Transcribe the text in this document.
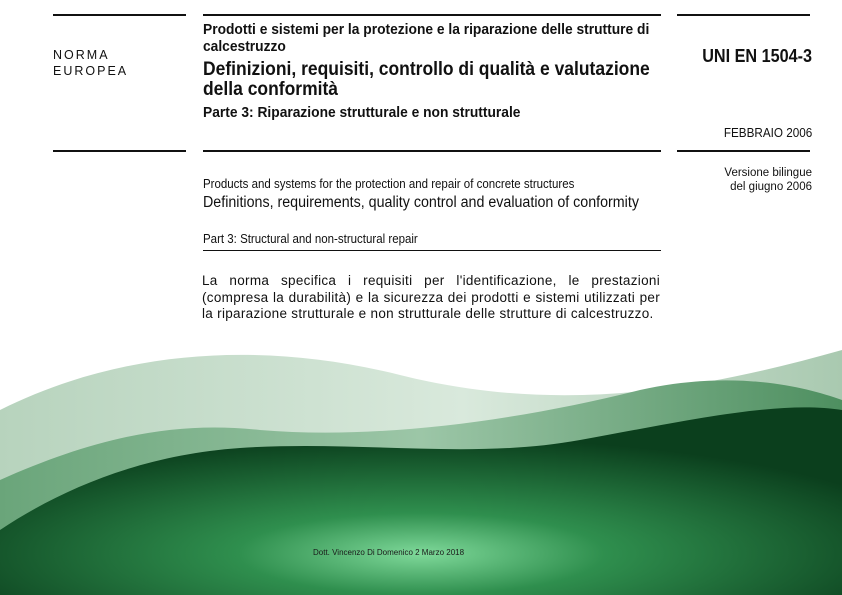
NORMA
EUROPEA

Prodotti e sistemi per la protezione e la riparazione delle strutture di calcestruzzo

Definizioni, requisiti, controllo di qualità e valutazione della conformità

Parte 3: Riparazione strutturale e non strutturale

UNI EN 1504-3

FEBBRAIO 2006

Versione bilingue
del giugno 2006

Products and systems for the protection and repair of concrete structures

Definitions, requirements, quality control and evaluation of conformity

Part 3: Structural and non-structural repair

La norma specifica i requisiti per l'identificazione, le prestazioni (compresa la durabilità) e la sicurezza dei prodotti e sistemi utilizzati per la riparazione strutturale e non strutturale delle strutture di calcestruzzo.

Dott. Vincenzo Di Domenico 2 Marzo 2018
